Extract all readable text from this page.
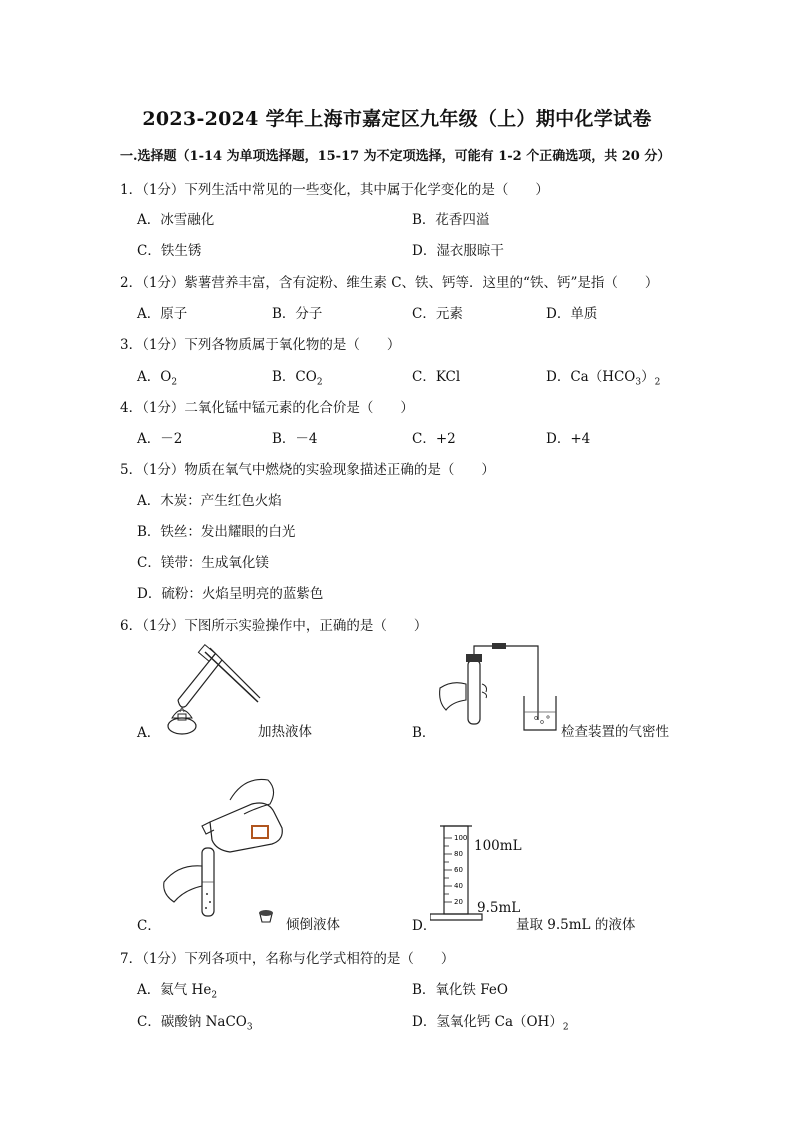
2023-2024 学年上海市嘉定区九年级（上）期中化学试卷
一.选择题（1-14 为单项选择题，15-17 为不定项选择，可能有 1-2 个正确选项，共 20 分）
1．（1分）下列生活中常见的一些变化，其中属于化学变化的是（　　）
A．冰雪融化	B．花香四溢
C．铁生锈	D．湿衣服晾干
2．（1分）紫薯营养丰富，含有淀粉、维生素 C、铁、钙等．这里的“铁、钙”是指（　　）
A．原子	B．分子	C．元素	D．单质
3．（1分）下列各物质属于氧化物的是（　　）
A．$O_2$	B．$CO_2$	C．KCl	D．$Ca(HCO_3)_2$
4．（1分）二氧化锰中锰元素的化合价是（　　）
A．－2	B．－4	C．+2	D．+4
5．（1分）物质在氧气中燃烧的实验现象描述正确的是（　　）
A．木炭：产生红色火焰
B．铁丝：发出耀眼的白光
C．镁带：生成氧化镁
D．硫粉：火焰呈明亮的蓝紫色
6．（1分）下图所示实验操作中，正确的是（　　）
A．	加热液体	B．	检查装置的气密性
C．	倾倒液体
100
80
60
40
20
100mL
9.5mL
D．	量取 9.5mL 的液体
7．（1分）下列各项中，名称与化学式相符的是（　　）
A．氦气 $He_2$	B．氧化铁 FeO
C．碳酸钠 NaCO$_3$	D．氢氧化钙 $Ca(OH)_2$
